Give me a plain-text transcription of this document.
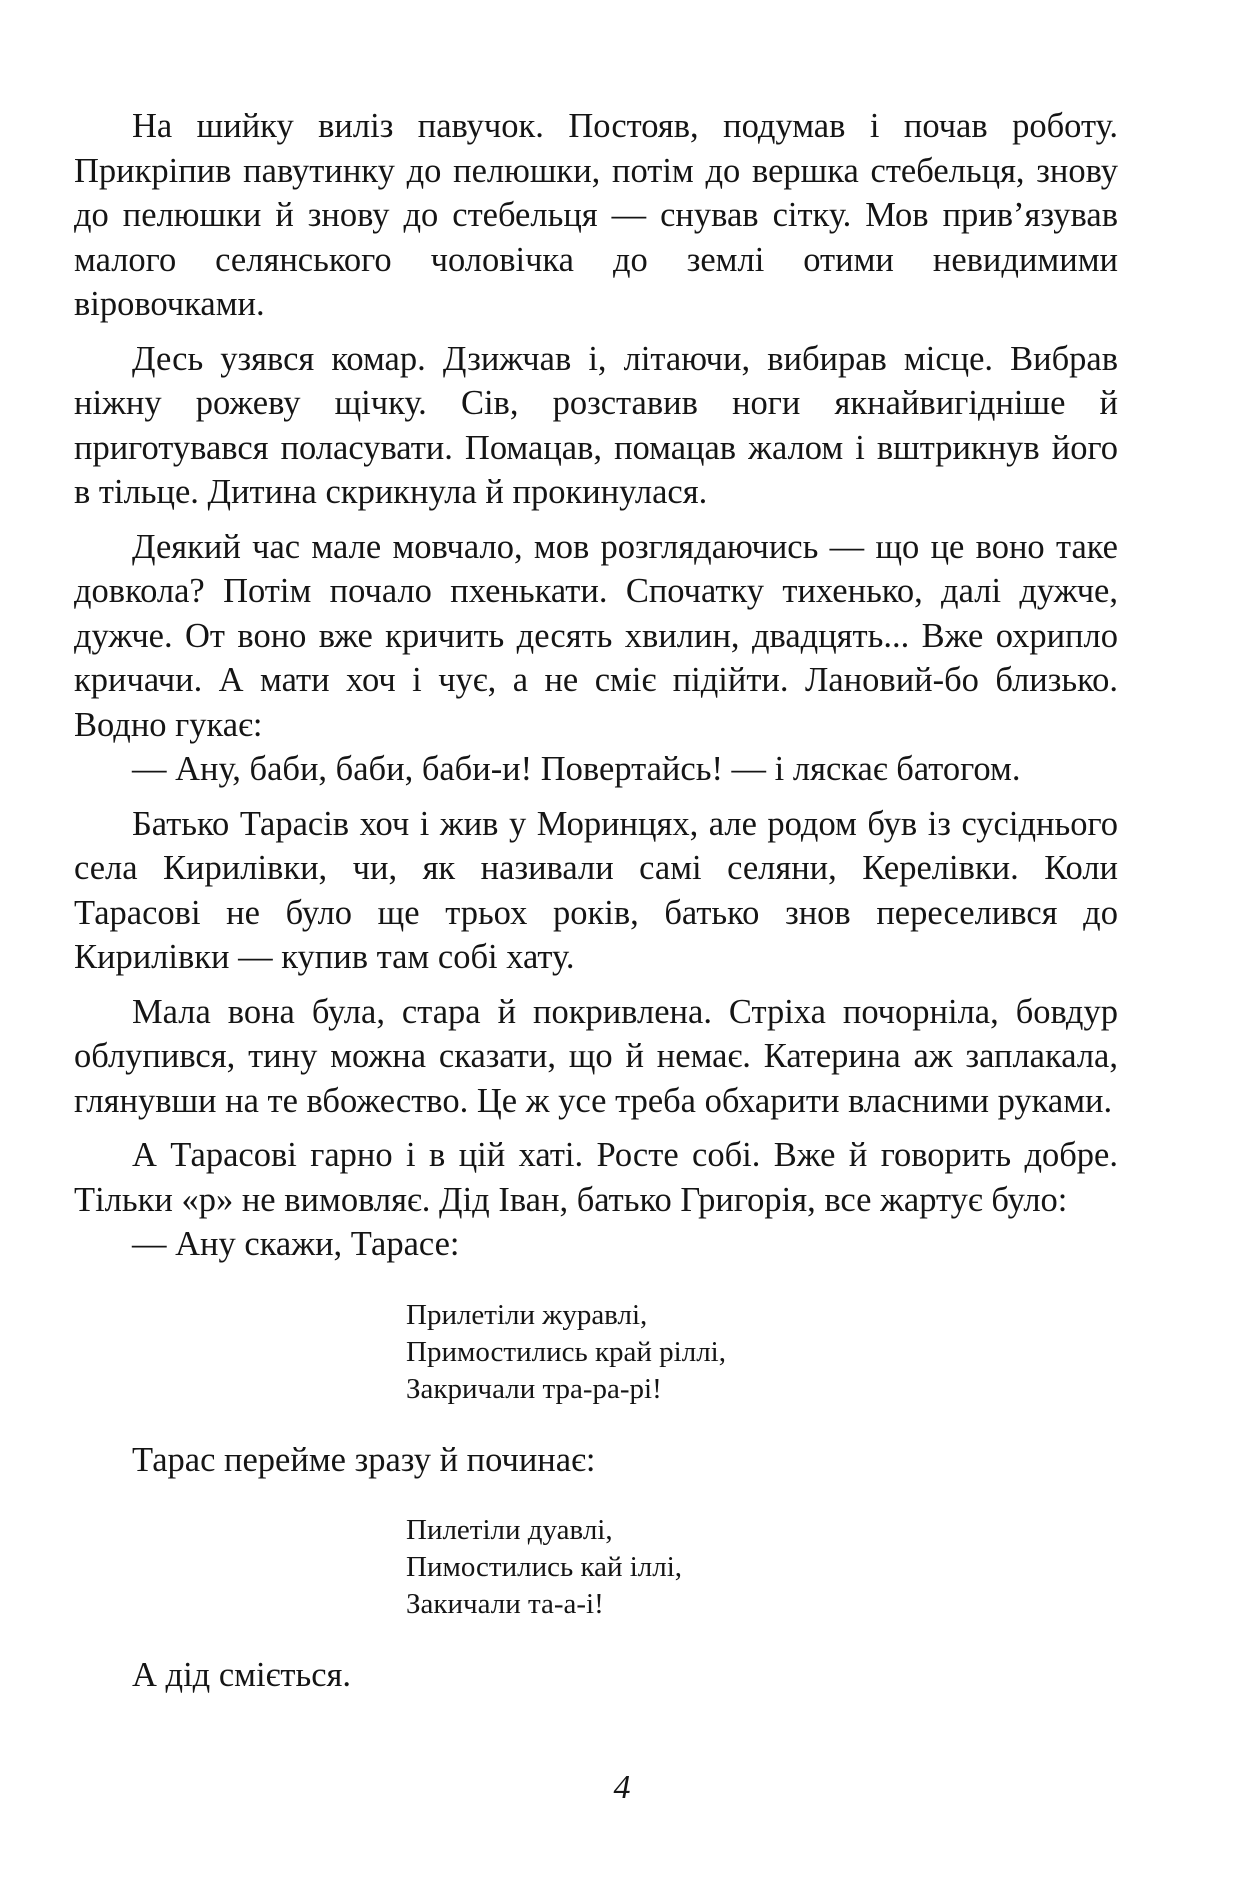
На шийку виліз павучок. Постояв, подумав і почав роботу. Прикріпив павутинку до пелюшки, потім до вершка стебельця, знову до пелюшки й знову до стебельця — снував сітку. Мов прив’язував малого селянського чоловічка до землі отими невидимими віровочками.

Десь узявся комар. Дзижчав і, літаючи, вибирав місце. Вибрав ніжну рожеву щічку. Сів, розставив ноги якнайвигідніше й приготувався поласувати. Помацав, помацав жалом і вштрикнув його в тільце. Дитина скрикнула й прокинулася.

Деякий час мале мовчало, мов розглядаючись — що це воно таке довкола? Потім почало пхенькати. Спочатку тихенько, далі дужче, дужче. От воно вже кричить десять хвилин, двадцять... Вже охрипло кричачи. А мати хоч і чує, а не сміє підійти. Лановий-бо близько. Водно гукає:

— Ану, баби, баби, баби-и! Повертайсь! — і ляскає батогом.

Батько Тарасів хоч і жив у Моринцях, але родом був із сусіднього села Кирилівки, чи, як називали самі селяни, Керелівки. Коли Тарасові не було ще трьох років, батько знов переселився до Кирилівки — купив там собі хату.

Мала вона була, стара й покривлена. Стріха почорніла, бовдур облупився, тину можна сказати, що й немає. Катерина аж заплакала, глянувши на те вбожество. Це ж усе треба обхарити власними руками.

А Тарасові гарно і в цій хаті. Росте собі. Вже й говорить добре. Тільки «р» не вимовляє. Дід Іван, батько Григорія, все жартує було:

— Ану скажи, Тарасе:

Прилетіли журавлі,
Примостились край ріллі,
Закричали тра-ра-рі!

Тарас перейме зразу й починає:

Пилетіли дуавлі,
Пимостились кай іллі,
Закичали та-а-і!

А дід сміється.

4
